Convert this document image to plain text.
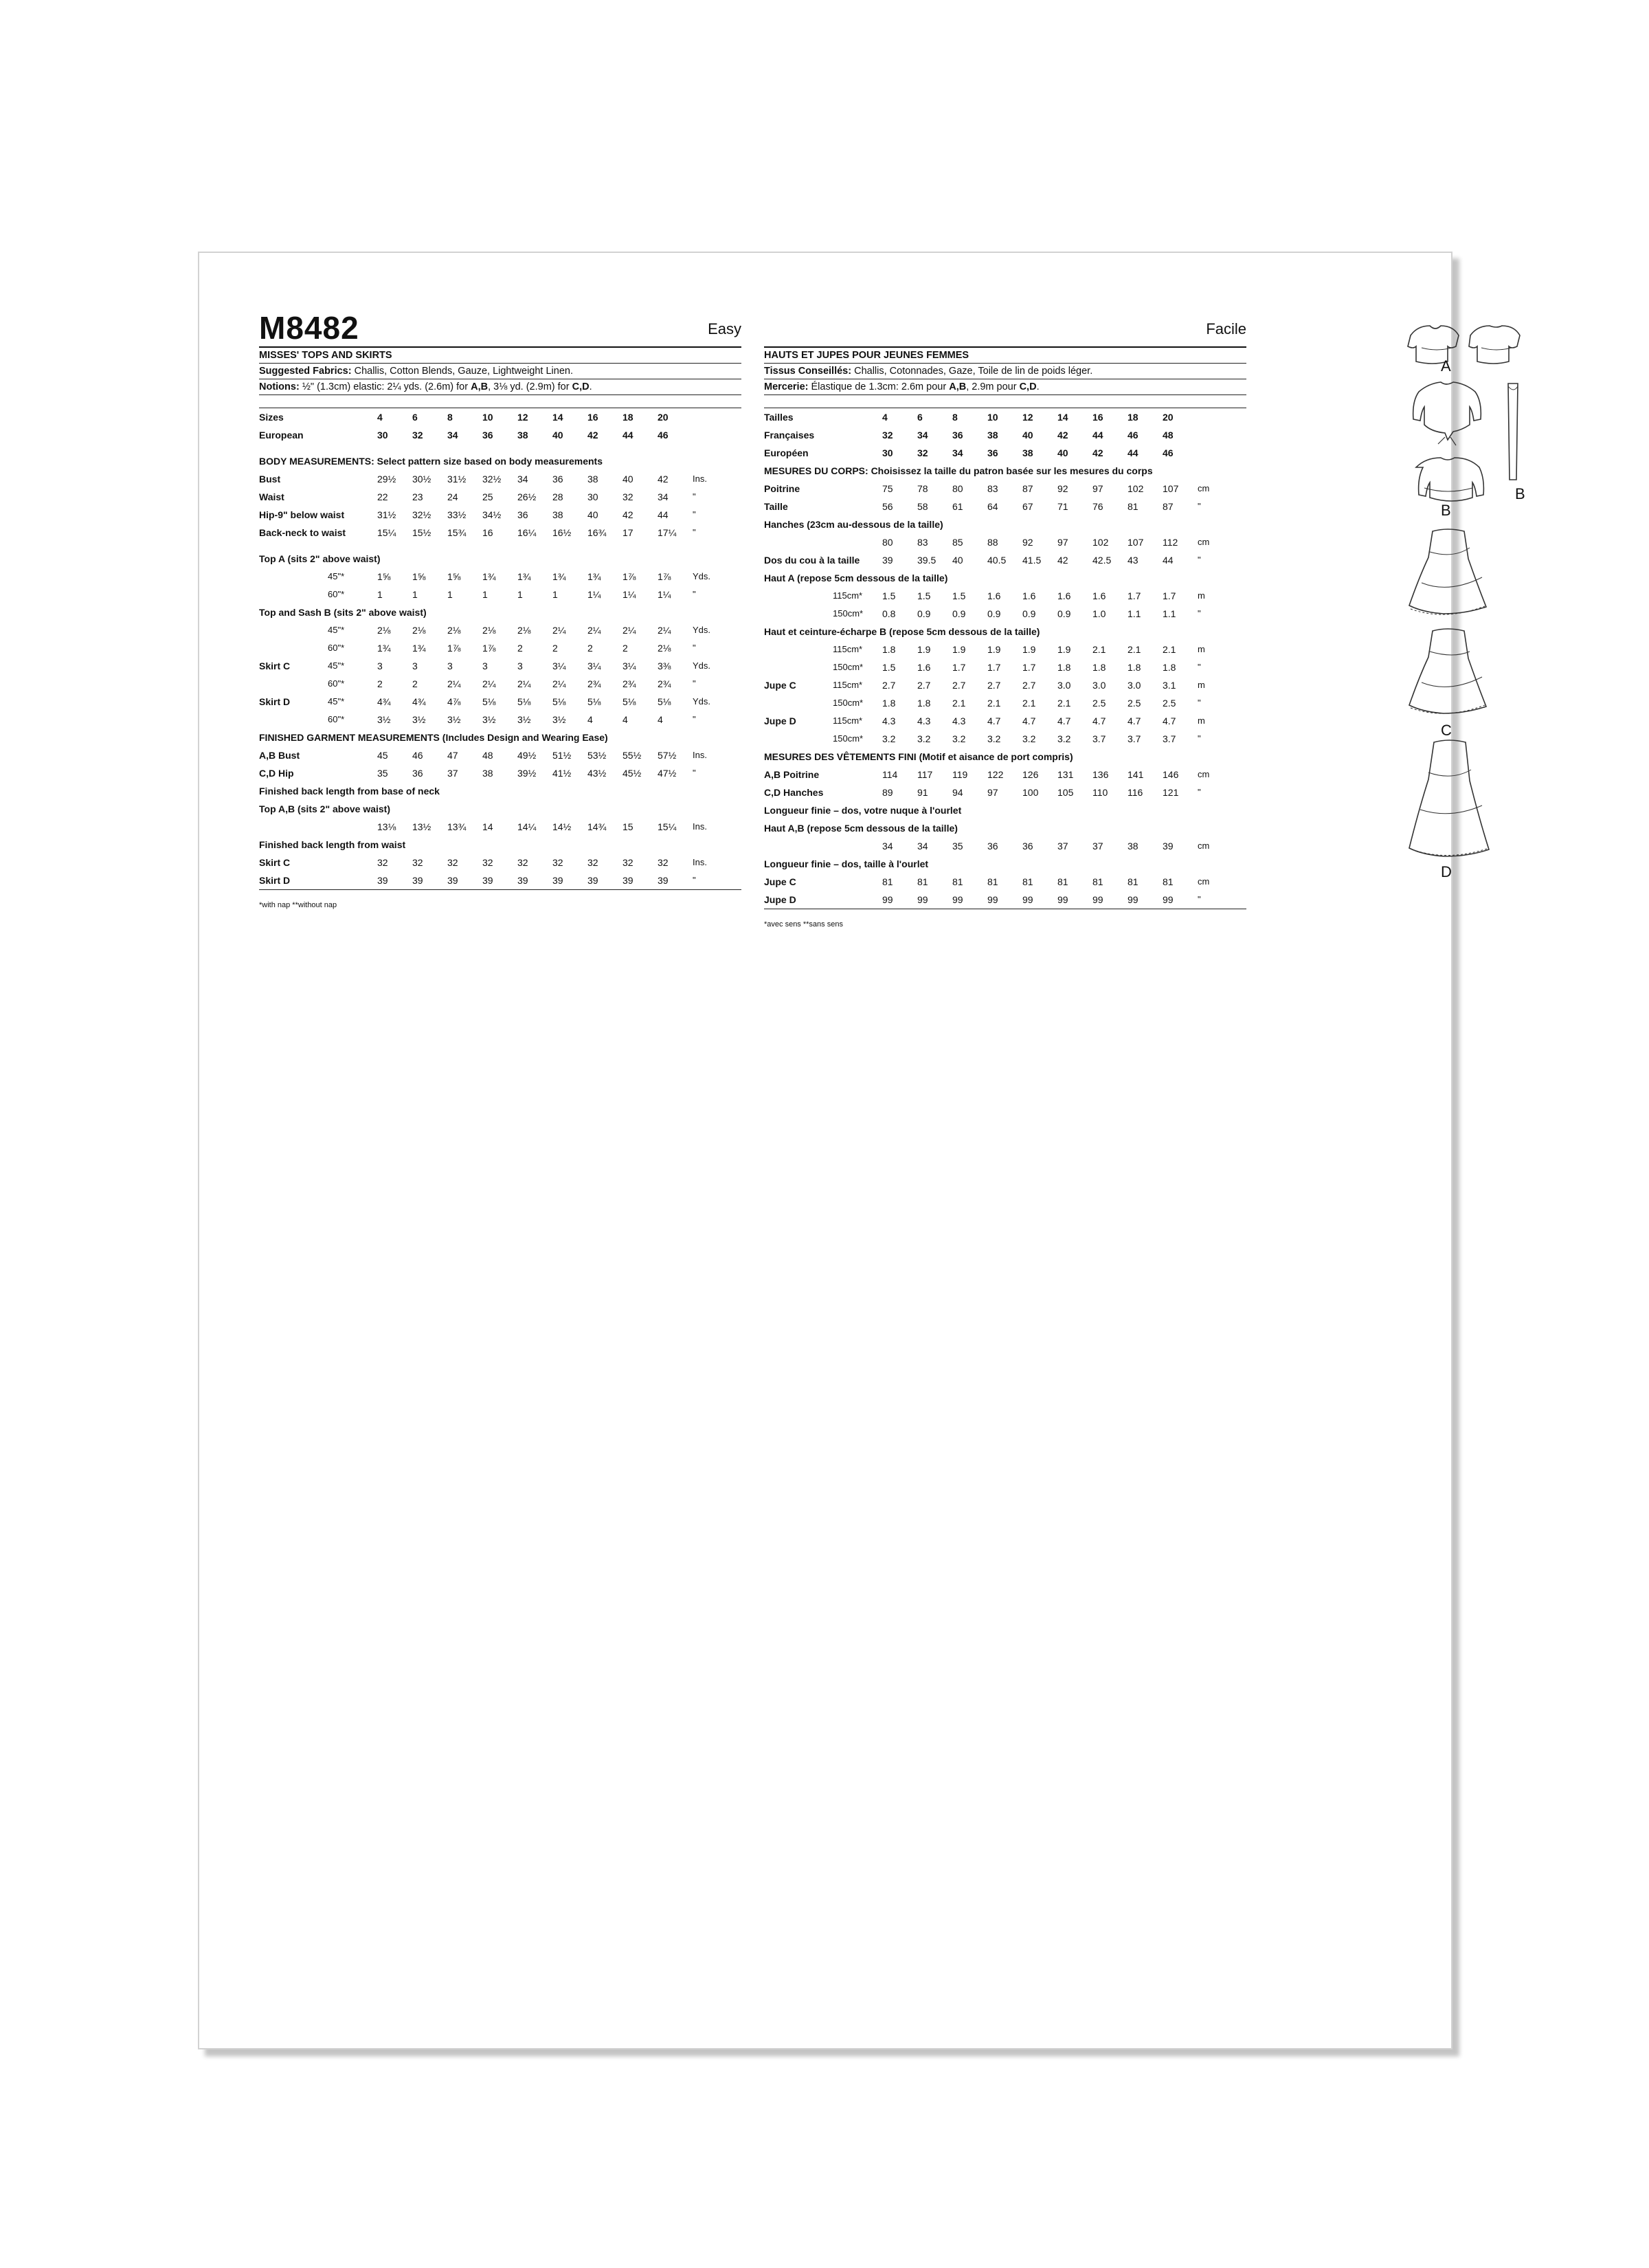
M8482	Easy
MISSES' TOPS AND SKIRTS
Suggested Fabrics: Challis, Cotton Blends, Gauze, Lightweight Linen.
Notions: ½" (1.3cm) elastic: 2¼ yds. (2.6m) for A,B, 3⅛ yd. (2.9m) for C,D.
Sizes		4	6	8	10	12	14	16	18	20	
European		30	32	34	36	38	40	42	44	46	

BODY MEASUREMENTS: Select pattern size based on body measurements											
Bust		29½	30½	31½	32½	34	36	38	40	42	Ins.
Waist		22	23	24	25	26½	28	30	32	34	"
Hip-9" below waist		31½	32½	33½	34½	36	38	40	42	44	"
Back-neck to waist		15¼	15½	15¾	16	16¼	16½	16¾	17	17¼	"

Top A (sits 2" above waist)											
	45"*	1⅝	1⅝	1⅝	1¾	1¾	1¾	1¾	1⅞	1⅞	Yds.
	60"*	1	1	1	1	1	1	1¼	1¼	1¼	"
Top and Sash B (sits 2" above waist)											
	45"*	2⅛	2⅛	2⅛	2⅛	2⅛	2¼	2¼	2¼	2¼	Yds.
	60"*	1¾	1¾	1⅞	1⅞	2	2	2	2	2⅛	"
Skirt C	45"*	3	3	3	3	3	3¼	3¼	3¼	3⅜	Yds.
	60"*	2	2	2¼	2¼	2¼	2¼	2¾	2¾	2¾	"
Skirt D	45"*	4¾	4¾	4⅞	5⅛	5⅛	5⅛	5⅛	5⅛	5⅛	Yds.
	60"*	3½	3½	3½	3½	3½	3½	4	4	4	"
FINISHED GARMENT MEASUREMENTS (Includes Design and Wearing Ease)											
A,B Bust		45	46	47	48	49½	51½	53½	55½	57½	Ins.
C,D Hip		35	36	37	38	39½	41½	43½	45½	47½	"
Finished back length from base of neck											
Top A,B (sits 2" above waist)											
		13⅛	13½	13¾	14	14¼	14½	14¾	15	15¼	Ins.
Finished back length from waist											
Skirt C		32	32	32	32	32	32	32	32	32	Ins.
Skirt D		39	39	39	39	39	39	39	39	39	"
*with nap **without nap
Facile
HAUTS ET JUPES POUR JEUNES FEMMES
Tissus Conseillés: Challis, Cotonnades, Gaze, Toile de lin de poids léger.
Mercerie: Élastique de 1.3cm: 2.6m pour A,B, 2.9m pour C,D.
Tailles		4	6	8	10	12	14	16	18	20	
Françaises		32	34	36	38	40	42	44	46	48	
Européen		30	32	34	36	38	40	42	44	46	
MESURES DU CORPS: Choisissez la taille du patron basée sur les mesures du corps											
Poitrine		75	78	80	83	87	92	97	102	107	cm
Taille		56	58	61	64	67	71	76	81	87	"
Hanches (23cm au-dessous de la taille)											
		80	83	85	88	92	97	102	107	112	cm
Dos du cou à la taille		39	39.5	40	40.5	41.5	42	42.5	43	44	"
Haut A (repose 5cm dessous de la taille)											
	115cm*	1.5	1.5	1.5	1.6	1.6	1.6	1.6	1.7	1.7	m
	150cm*	0.8	0.9	0.9	0.9	0.9	0.9	1.0	1.1	1.1	"
Haut et ceinture-écharpe B (repose 5cm dessous de la taille)											
	115cm*	1.8	1.9	1.9	1.9	1.9	1.9	2.1	2.1	2.1	m
	150cm*	1.5	1.6	1.7	1.7	1.7	1.8	1.8	1.8	1.8	"
Jupe C	115cm*	2.7	2.7	2.7	2.7	2.7	3.0	3.0	3.0	3.1	m
	150cm*	1.8	1.8	2.1	2.1	2.1	2.1	2.5	2.5	2.5	"
Jupe D	115cm*	4.3	4.3	4.3	4.7	4.7	4.7	4.7	4.7	4.7	m
	150cm*	3.2	3.2	3.2	3.2	3.2	3.2	3.7	3.7	3.7	"
MESURES DES VÊTEMENTS FINI (Motif et aisance de port compris)											
A,B Poitrine		114	117	119	122	126	131	136	141	146	cm
C,D Hanches		89	91	94	97	100	105	110	116	121	"
Longueur finie – dos, votre nuque à l'ourlet											
Haut A,B (repose 5cm dessous de la taille)											
		34	34	35	36	36	37	37	38	39	cm
Longueur finie – dos, taille à l'ourlet											
Jupe C		81	81	81	81	81	81	81	81	81	cm
Jupe D		99	99	99	99	99	99	99	99	99	"
*avec sens **sans sens
A
B
B
C
D
